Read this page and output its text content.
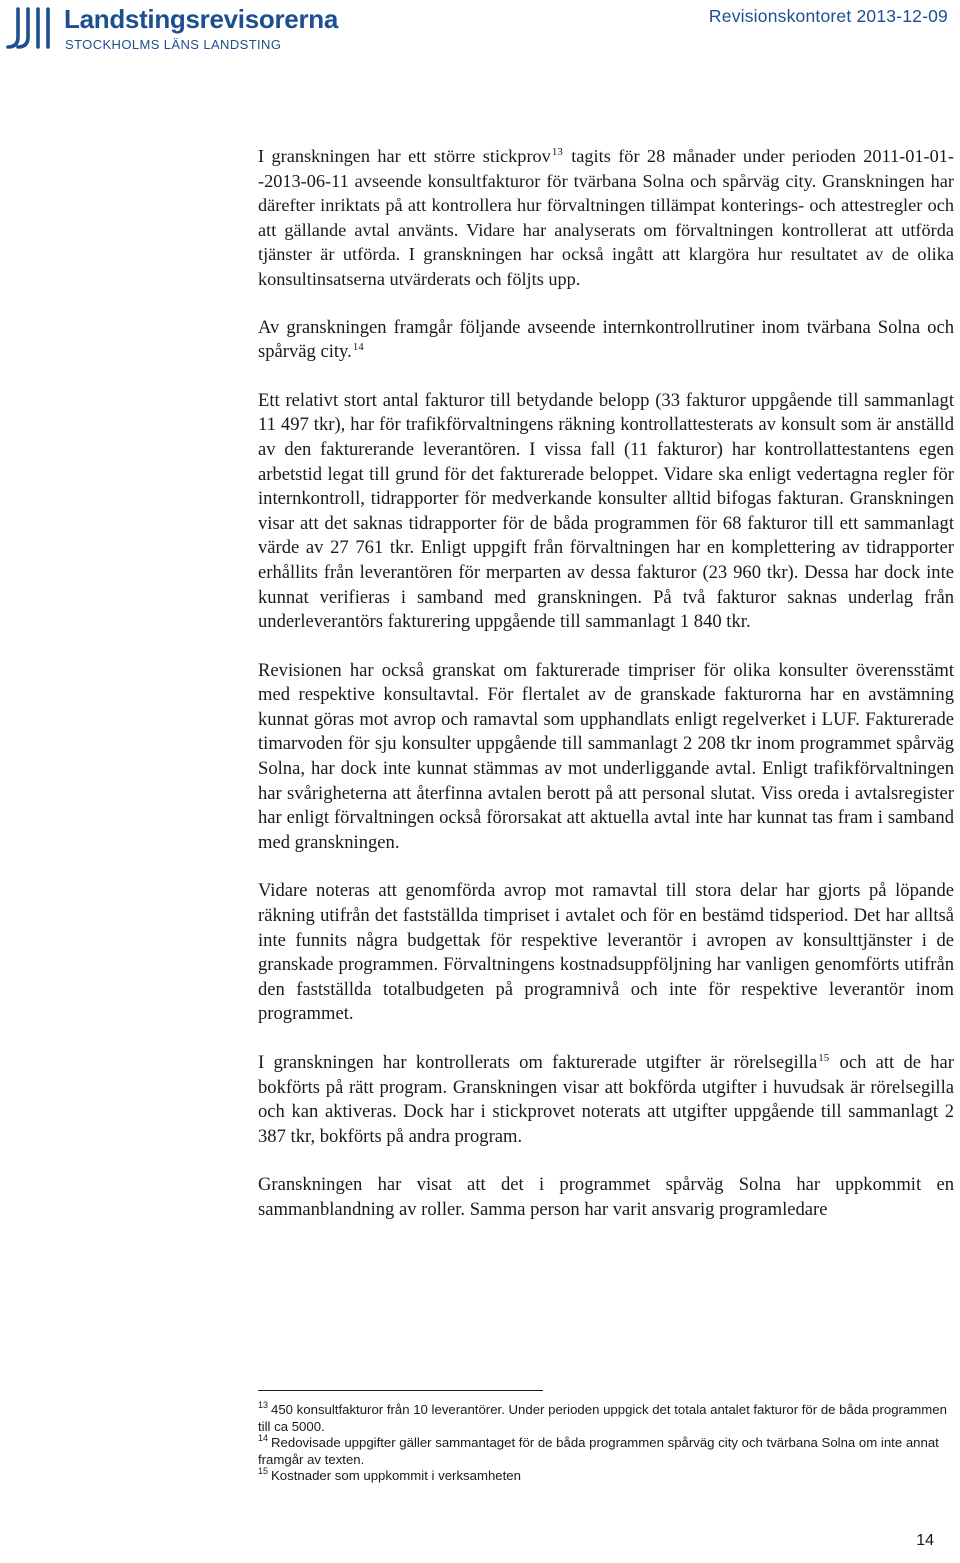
Landstingsrevisorerna
STOCKHOLMS LÄNS LANDSTING
Revisionskontoret 2013-12-09

I granskningen har ett större stickprov$^{13}$ tagits för 28 månader under perioden 2011-01-01--2013-06-11 avseende konsultfakturor för tvärbana Solna och spårväg city. Granskningen har därefter inriktats på att kontrollera hur förvaltningen tillämpat konterings- och attestregler och att gällande avtal använts. Vidare har analyserats om förvaltningen kontrollerat att utförda tjänster är utförda. I granskningen har också ingått att klargöra hur resultatet av de olika konsultinsatserna utvärderats och följts upp.

Av granskningen framgår följande avseende internkontrollrutiner inom tvärbana Solna och spårväg city.$^{14}$

Ett relativt stort antal fakturor till betydande belopp (33 fakturor uppgående till sammanlagt 11 497 tkr), har för trafikförvaltningens räkning kontrollattesterats av konsult som är anställd av den fakturerande leverantören. I vissa fall (11 fakturor) har kontrollattestantens egen arbetstid legat till grund för det fakturerade beloppet. Vidare ska enligt vedertagna regler för internkontroll, tidrapporter för medverkande konsulter alltid bifogas fakturan. Granskningen visar att det saknas tidrapporter för de båda programmen för 68 fakturor till ett sammanlagt värde av 27 761 tkr. Enligt uppgift från förvaltningen har en komplettering av tidrapporter erhållits från leverantören för merparten av dessa fakturor (23 960 tkr). Dessa har dock inte kunnat verifieras i samband med granskningen. På två fakturor saknas underlag från underleverantörs fakturering uppgående till sammanlagt 1 840 tkr.

Revisionen har också granskat om fakturerade timpriser för olika konsulter överensstämt med respektive konsultavtal. För flertalet av de granskade fakturorna har en avstämning kunnat göras mot avrop och ramavtal som upphandlats enligt regelverket i LUF. Fakturerade timarvoden för sju konsulter uppgående till sammanlagt 2 208 tkr inom programmet spårväg Solna, har dock inte kunnat stämmas av mot underliggande avtal. Enligt trafikförvaltningen har svårigheterna att återfinna avtalen berott på att personal slutat. Viss oreda i avtalsregister har enligt förvaltningen också förorsakat att aktuella avtal inte har kunnat tas fram i samband med granskningen.

Vidare noteras att genomförda avrop mot ramavtal till stora delar har gjorts på löpande räkning utifrån det fastställda timpriset i avtalet och för en bestämd tidsperiod. Det har alltså inte funnits några budgettak för respektive leverantör i avropen av konsulttjänster i de granskade programmen. Förvaltningens kostnadsuppföljning har vanligen genomförts utifrån den fastställda totalbudgeten på programnivå och inte för respektive leverantör inom programmet.

I granskningen har kontrollerats om fakturerade utgifter är rörelsegilla$^{15}$ och att de har bokförts på rätt program. Granskningen visar att bokförda utgifter i huvudsak är rörelsegilla och kan aktiveras. Dock har i stickprovet noterats att utgifter uppgående till sammanlagt 2 387 tkr, bokförts på andra program.

Granskningen har visat att det i programmet spårväg Solna har uppkommit en sammanblandning av roller. Samma person har varit ansvarig programledare

$^{13}$ 450 konsultfakturor från 10 leverantörer. Under perioden uppgick det totala antalet fakturor för de båda programmen till ca 5000.

$^{14}$ Redovisade uppgifter gäller sammantaget för de båda programmen spårväg city och tvärbana Solna om inte annat framgår av texten.

$^{15}$ Kostnader som uppkommit i verksamheten

14
